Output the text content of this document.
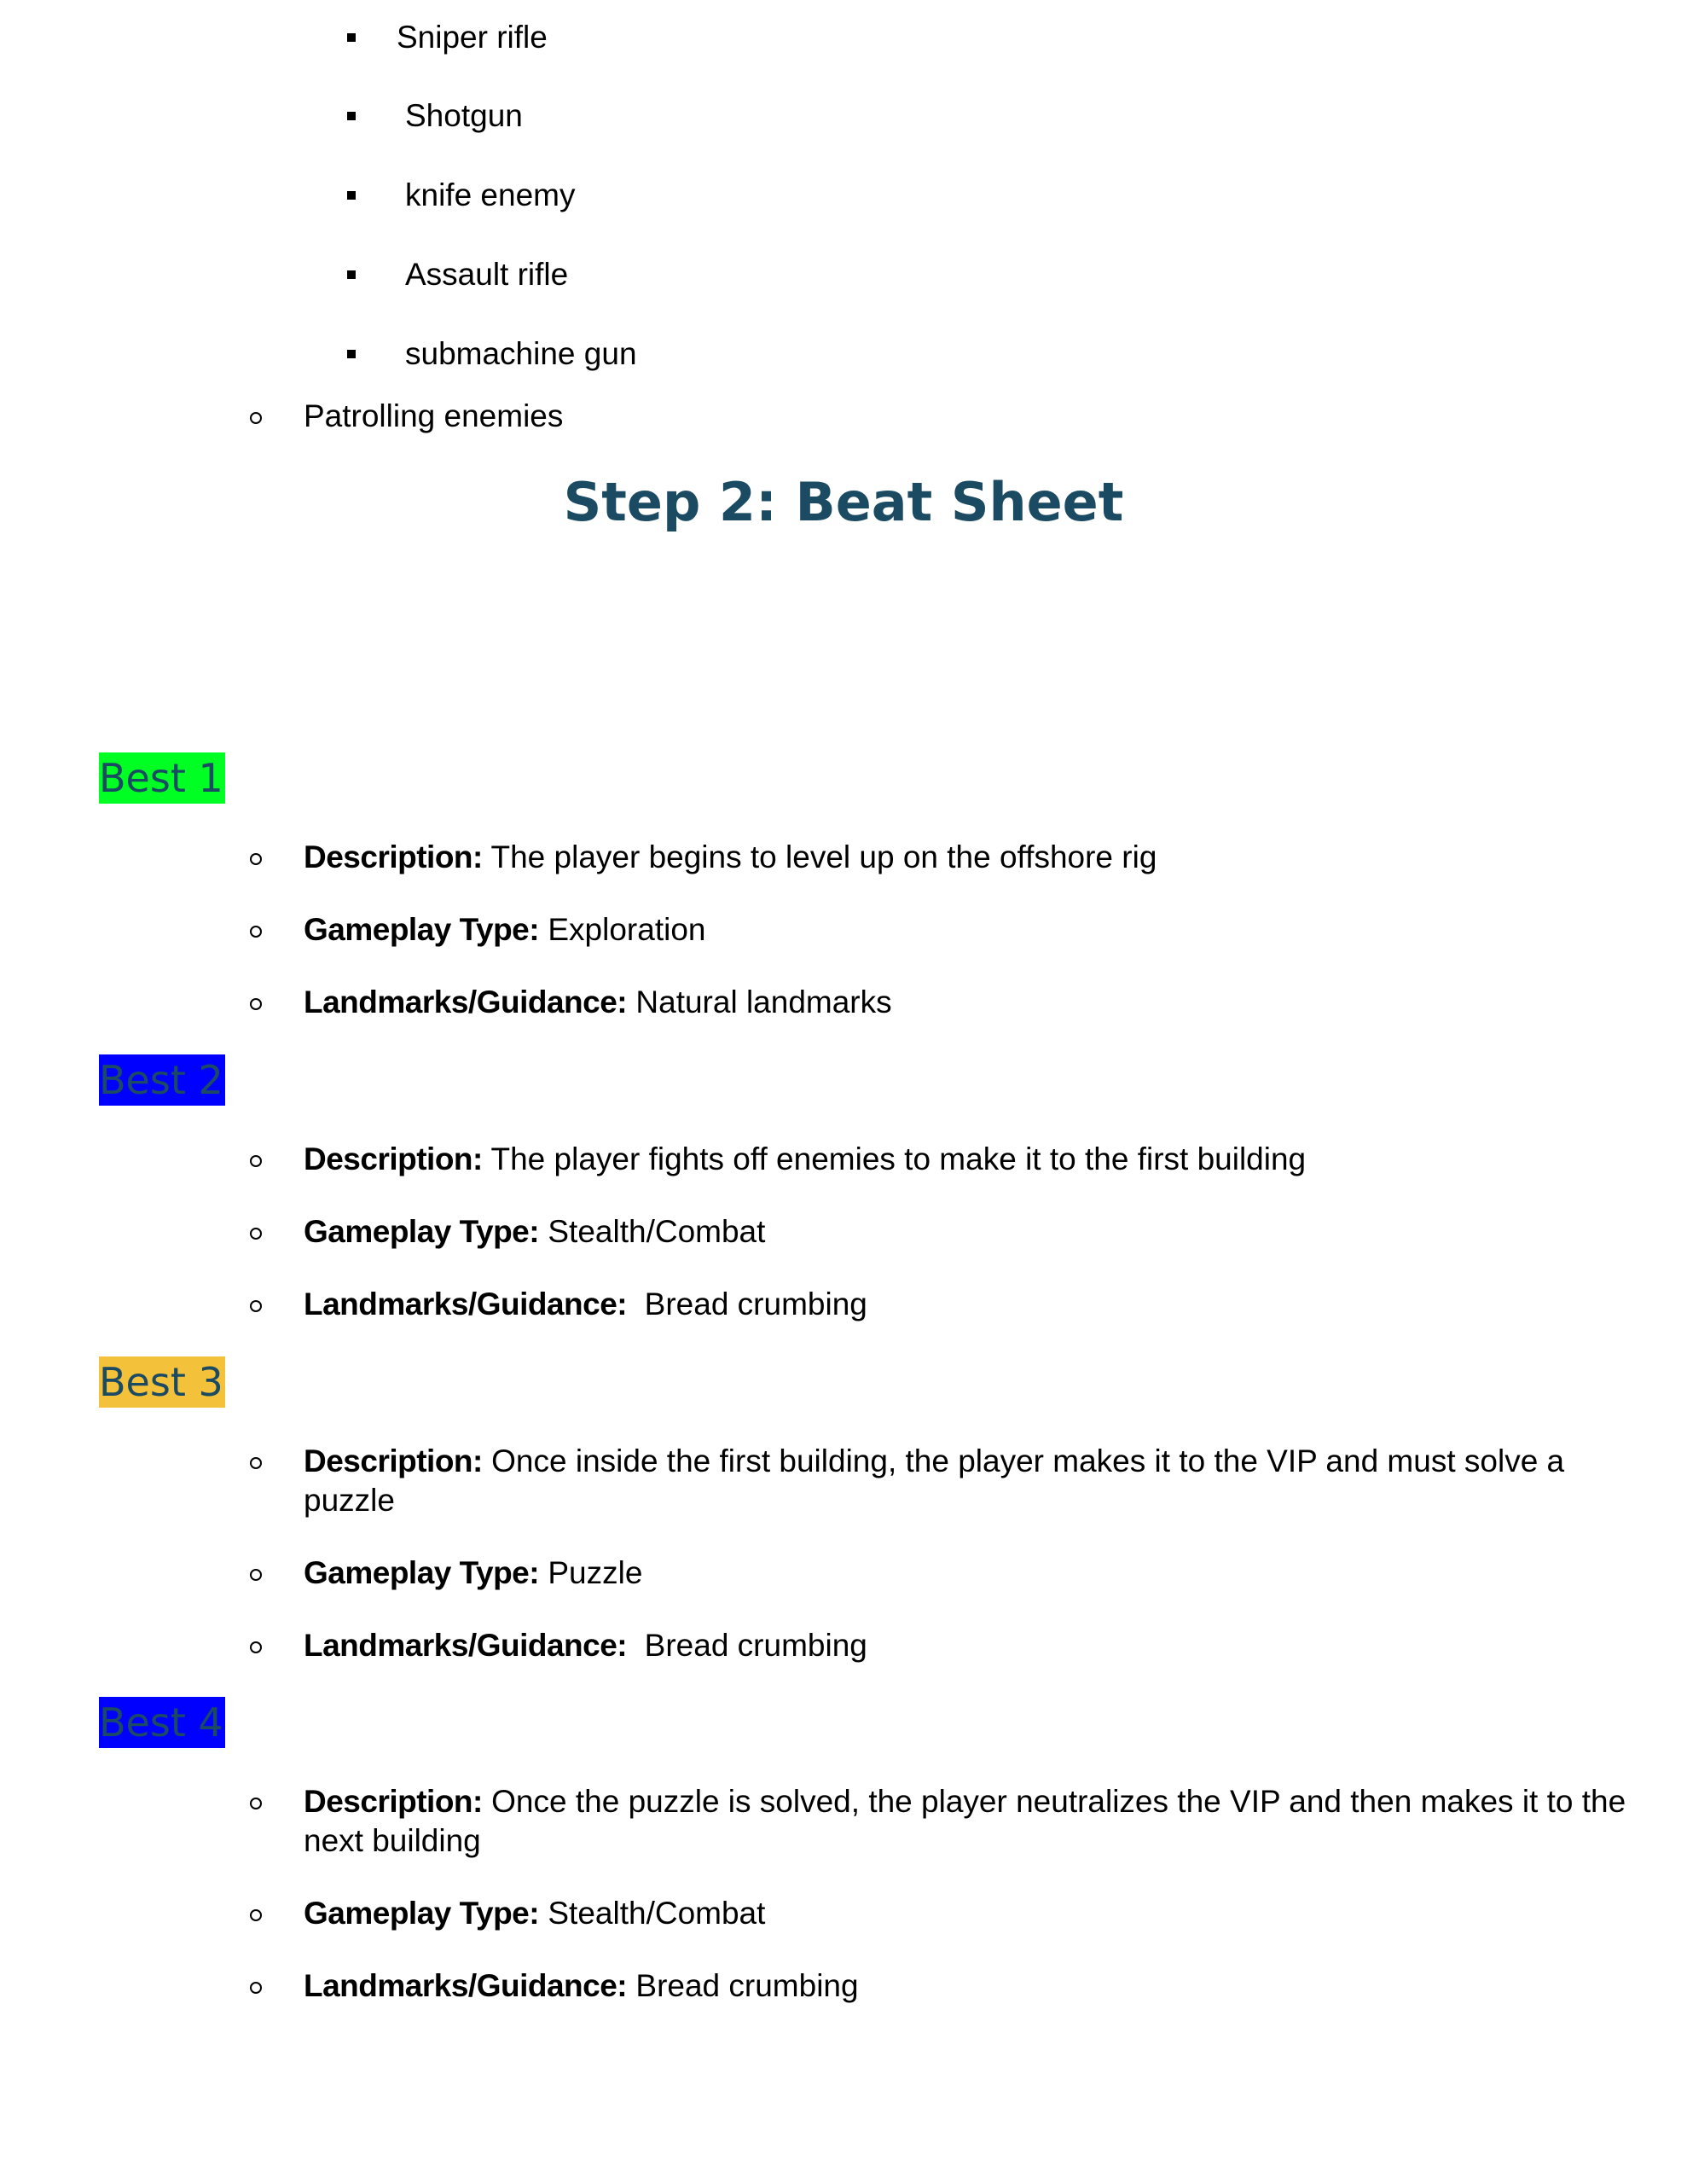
Sniper rifle
Shotgun
knife enemy
Assault rifle
submachine gun
Patrolling enemies
Step 2: Beat Sheet
Best 1
Description: The player begins to level up on the offshore rig
Gameplay Type: Exploration
Landmarks/Guidance: Natural landmarks
Best 2
Description: The player fights off enemies to make it to the first building
Gameplay Type: Stealth/Combat
Landmarks/Guidance: Bread crumbing
Best 3
Description: Once inside the first building, the player makes it to the VIP and must solve a puzzle
Gameplay Type: Puzzle
Landmarks/Guidance: Bread crumbing
Best 4
Description: Once the puzzle is solved, the player neutralizes the VIP and then makes it to the next building
Gameplay Type: Stealth/Combat
Landmarks/Guidance: Bread crumbing
